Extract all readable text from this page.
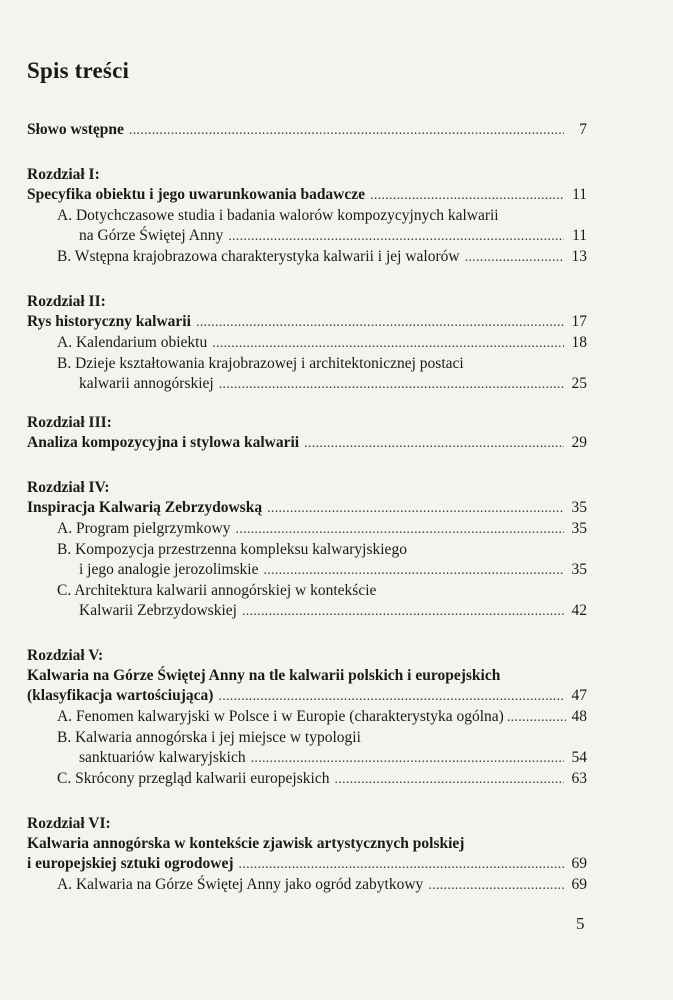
Spis treści
Słowo wstępne . . .	7
Rozdział I:
Specyfika obiektu i jego uwarunkowania badawcze . . .	11
A. Dotychczasowe studia i badania walorów kompozycyjnych kalwarii
na Górze Świętej Anny . . .	11
B. Wstępna krajobrazowa charakterystyka kalwarii i jej walorów . . .	13
Rozdział II:
Rys historyczny kalwarii . . .	17
A. Kalendarium obiektu . . .	18
B. Dzieje kształtowania krajobrazowej i architektonicznej postaci
kalwarii annogórskiej . . .	25
Rozdział III:
Analiza kompozycyjna i stylowa kalwarii . . .	29
Rozdział IV:
Inspiracja Kalwarią Zebrzydowską . . .	35
A. Program pielgrzymkowy . . .	35
B. Kompozycja przestrzenna kompleksu kalwaryjskiego
i jego analogie jerozolimskie . . .	35
C. Architektura kalwarii annogórskiej w kontekście
Kalwarii Zebrzydowskiej . . .	42
Rozdział V:
Kalwaria na Górze Świętej Anny na tle kalwarii polskich i europejskich
(klasyfikacja wartościująca) . . .	47
A. Fenomen kalwaryjski w Polsce i w Europie (charakterystyka ogólna) . . .	48
B. Kalwaria annogórska i jej miejsce w typologii
sanktuariów kalwaryjskich . . .	54
C. Skrócony przegląd kalwarii europejskich . . .	63
Rozdział VI:
Kalwaria annogórska w kontekście zjawisk artystycznych polskiej
i europejskiej sztuki ogrodowej . . .	69
A. Kalwaria na Górze Świętej Anny jako ogród zabytkowy . . .	69
5
